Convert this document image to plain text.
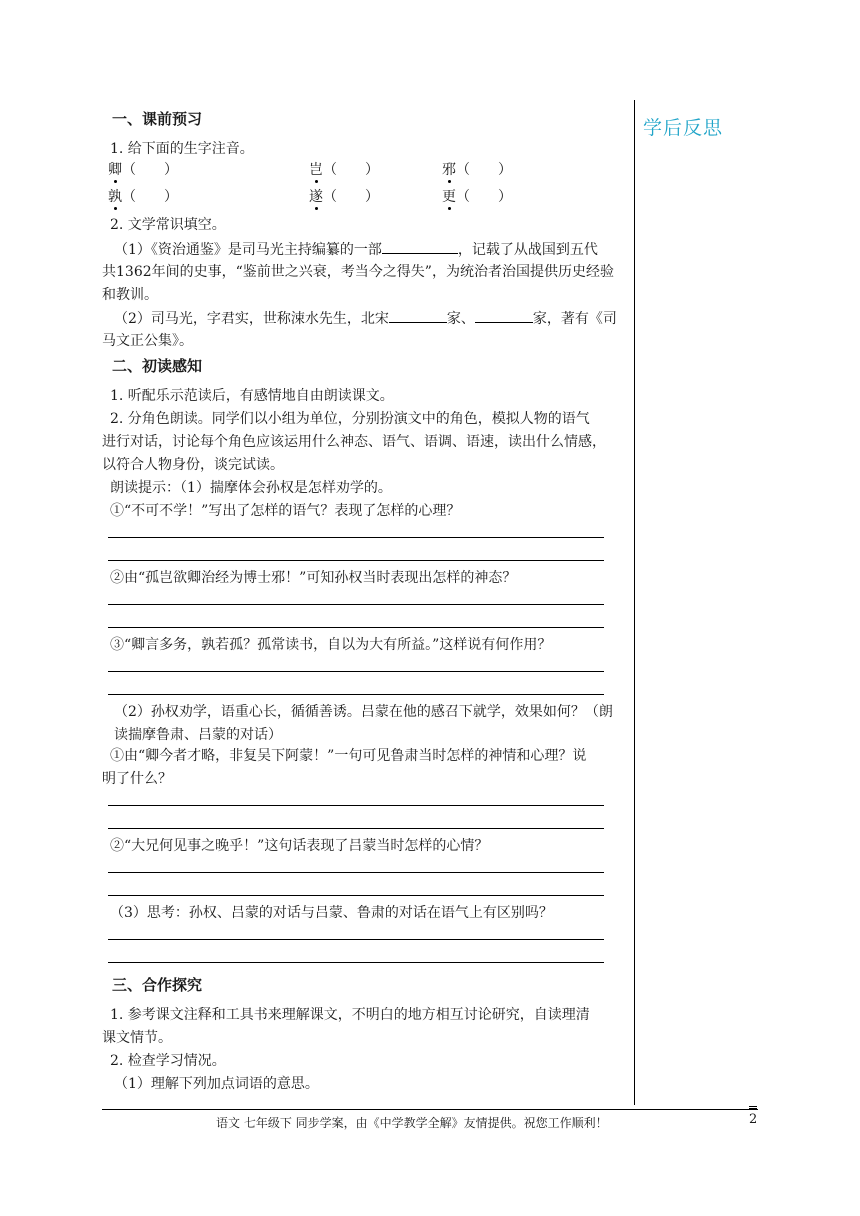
学后反思
一、课前预习
1. 给下面的生字注音。
卿（　　）	岂（　　）	邪（　　）
孰（　　）	遂（　　）	更（　　）
2. 文学常识填空。
（1）《资治通鉴》是司马光主持编纂的一部	，记载了从战国到五代
共1362年间的史事，“鉴前世之兴衰，考当今之得失”，为统治者治国提供历史经验
和教训。
（2）司马光，字君实，世称涑水先生，北宋	家、	家，著有《司
马文正公集》。
二、初读感知
1. 听配乐示范读后，有感情地自由朗读课文。
2. 分角色朗读。同学们以小组为单位，分别扮演文中的角色，模拟人物的语气
进行对话，讨论每个角色应该运用什么神态、语气、语调、语速，读出什么情感，
以符合人物身份，谈完试读。
朗读提示：（1）揣摩体会孙权是怎样劝学的。
①“不可不学！”写出了怎样的语气？表现了怎样的心理？
②由“孤岂欲卿治经为博士邪！”可知孙权当时表现出怎样的神态？
③“卿言多务，孰若孤？孤常读书，自以为大有所益。”这样说有何作用？
（2）孙权劝学，语重心长，循循善诱。吕蒙在他的感召下就学，效果如何？（朗
读揣摩鲁肃、吕蒙的对话）
①由“卿今者才略，非复吴下阿蒙！”一句可见鲁肃当时怎样的神情和心理？说
明了什么？
②“大兄何见事之晚乎！”这句话表现了吕蒙当时怎样的心情？
（3）思考：孙权、吕蒙的对话与吕蒙、鲁肃的对话在语气上有区别吗？
三、合作探究
1. 参考课文注释和工具书来理解课文，不明白的地方相互讨论研究，自读理清
课文情节。
2. 检查学习情况。
（1）理解下列加点词语的意思。
语文 七年级下 同步学案，由《中学教学全解》友情提供。祝您工作顺利！	2
